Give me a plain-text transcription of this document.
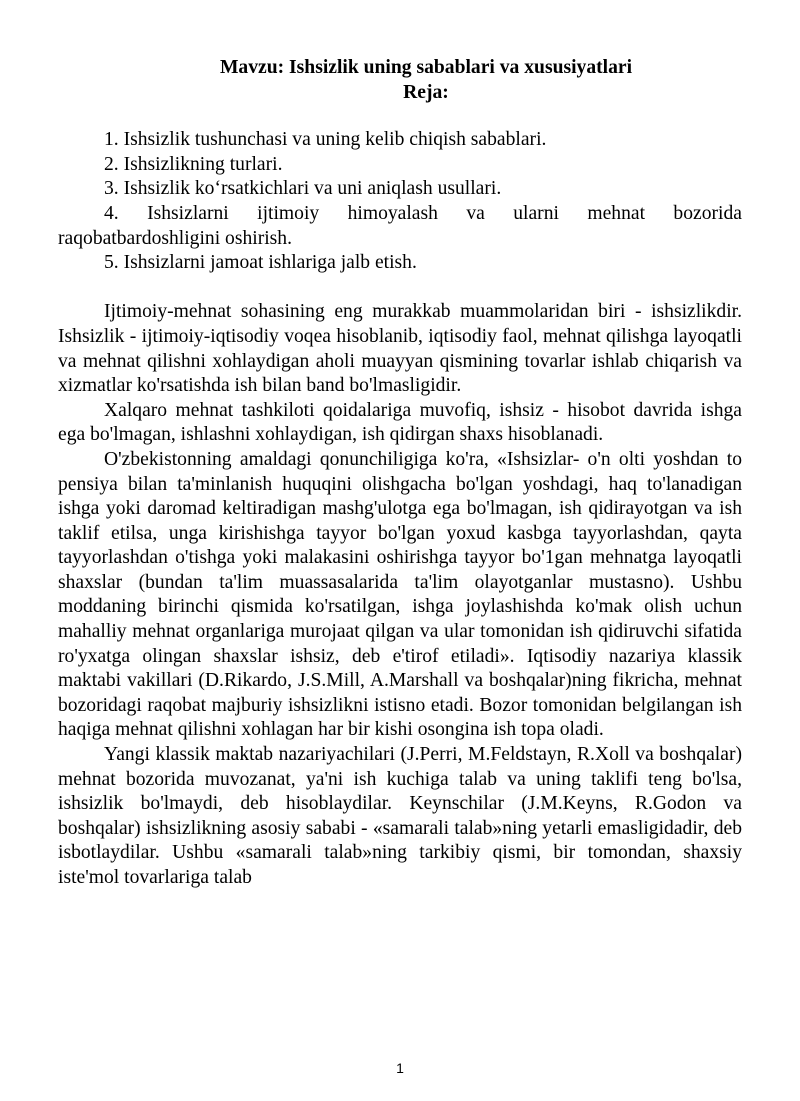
Mavzu: Ishsizlik uning sabablari va xususiyatlari

Reja:

1. Ishsizlik tushunchasi va uning kelib chiqish sabablari.

2. Ishsizlikning turlari.

3. Ishsizlik koʻrsatkichlari va uni aniqlash usullari.

4. Ishsizlarni ijtimoiy himoyalash va ularni mehnat bozorida raqobatbardoshligini oshirish.

5. Ishsizlarni jamoat ishlariga jalb etish.

Ijtimoiy-mehnat sohasining eng murakkab muammolaridan biri - ishsizlikdir. Ishsizlik - ijtimoiy-iqtisodiy voqea hisoblanib, iqtisodiy faol, mehnat qilishga layoqatli va mehnat qilishni xohlaydigan aholi muayyan qismining tovarlar ishlab chiqarish va xizmatlar ko'rsatishda ish bilan band bo'lmasligidir.

Xalqaro mehnat tashkiloti qoidalariga muvofiq, ishsiz - hisobot davrida ishga ega bo'lmagan, ishlashni xohlaydigan, ish qidirgan shaxs hisoblanadi.

O'zbekistonning amaldagi qonunchiligiga ko'ra, «Ishsizlar- o'n olti yoshdan to pensiya bilan ta'minlanish huquqini olishgacha bo'lgan yoshdagi, haq to'lanadigan ishga yoki daromad keltiradigan mashg'ulotga ega bo'lmagan, ish qidirayotgan va ish taklif etilsa, unga kirishishga tayyor bo'lgan yoxud kasbga tayyorlashdan, qayta tayyorlashdan o'tishga yoki malakasini oshirishga tayyor bo'1gan mehnatga layoqatli shaxslar (bundan ta'lim muassasalarida ta'lim olayotganlar mustasno). Ushbu moddaning birinchi qismida ko'rsatilgan, ishga joylashishda ko'mak olish uchun mahalliy mehnat organlariga murojaat qilgan va ular tomonidan ish qidiruvchi sifatida ro'yxatga olingan shaxslar ishsiz, deb e'tirof etiladi». Iqtisodiy nazariya klassik maktabi vakillari (D.Rikardo, J.S.Mill, A.Marshall va boshqalar)ning fikricha, mehnat bozoridagi raqobat majburiy ishsizlikni istisno etadi. Bozor tomonidan belgilangan ish haqiga mehnat qilishni xohlagan har bir kishi osongina ish topa oladi.

Yangi klassik maktab nazariyachilari (J.Perri, M.Feldstayn, R.Xoll va boshqalar) mehnat bozorida muvozanat, ya'ni ish kuchiga talab va uning taklifi teng bo'lsa, ishsizlik bo'lmaydi, deb hisoblaydilar. Keynschilar (J.M.Keyns, R.Godon va boshqalar) ishsizlikning asosiy sababi - «samarali talab»ning yetarli emasligidadir, deb isbotlaydilar. Ushbu «samarali talab»ning tarkibiy qismi, bir tomondan, shaxsiy iste'mol tovarlariga talab

1
